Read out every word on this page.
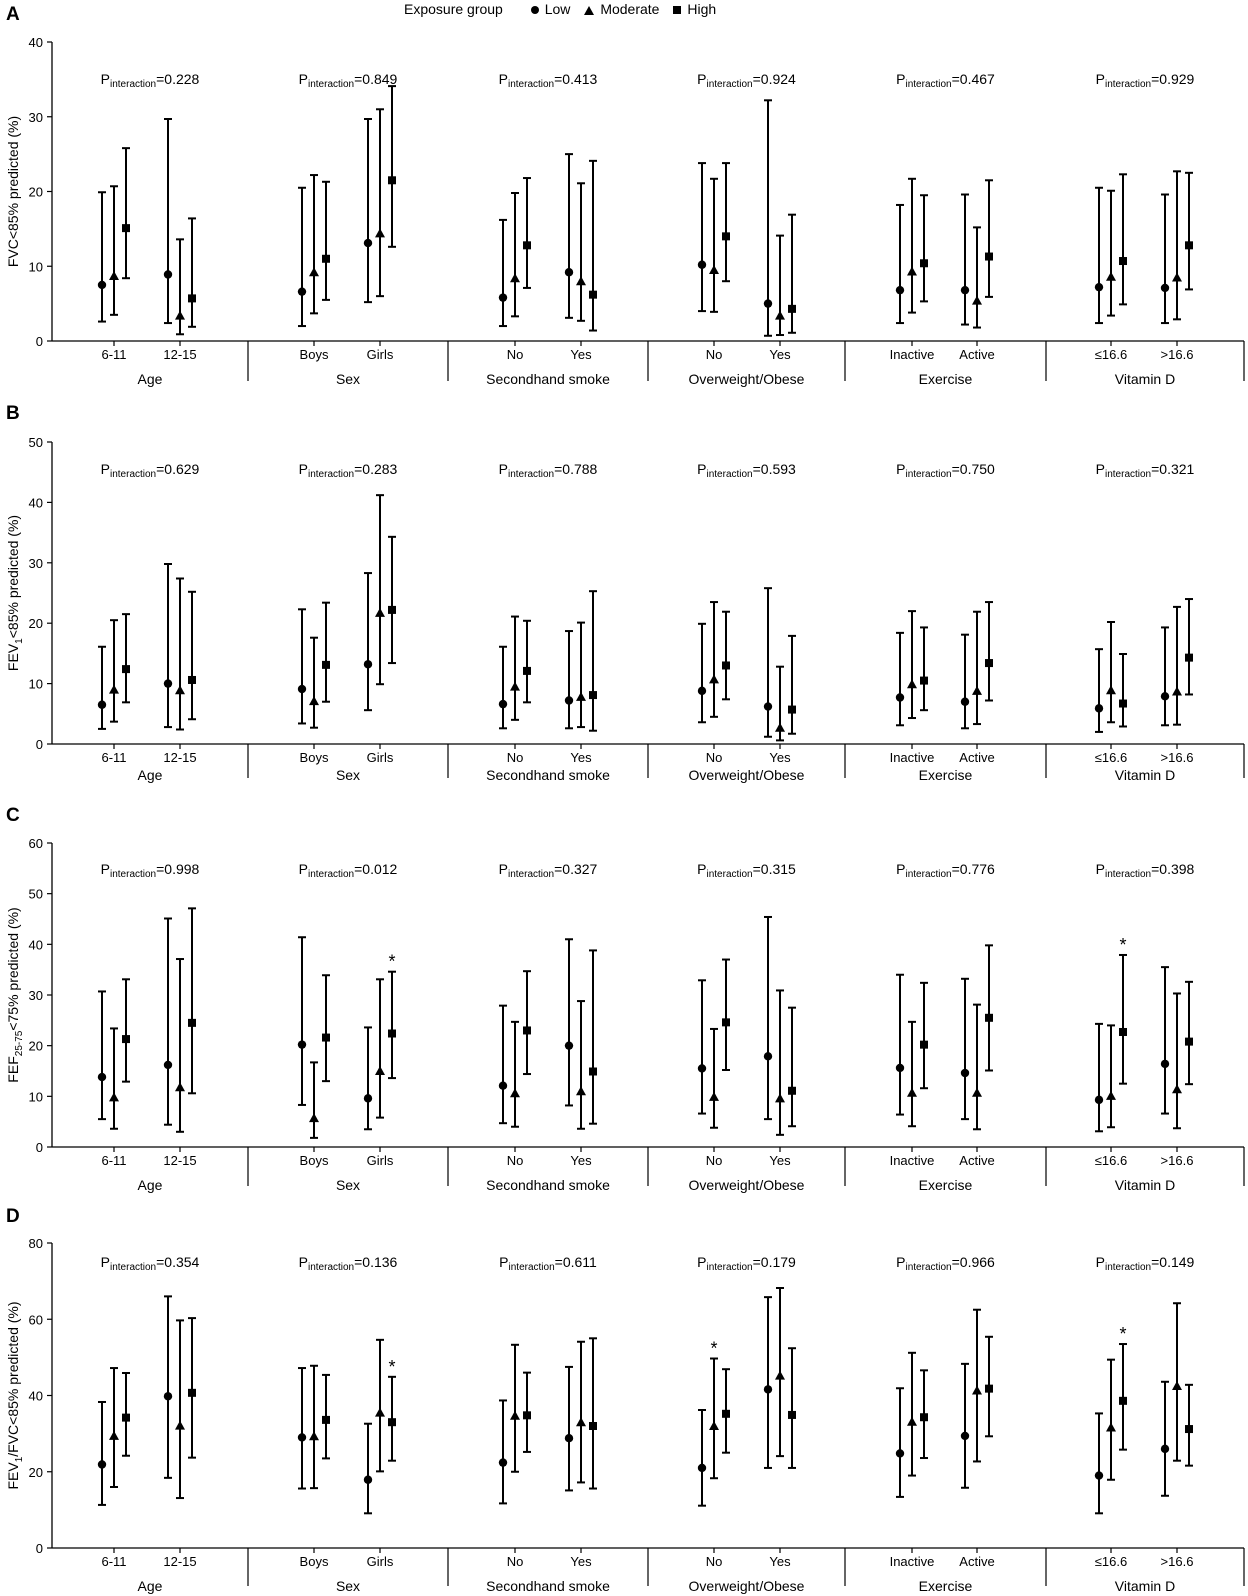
Exposure group	Low Moderate High
A
0
10
20
30
40
FVC<85% predicted (%)
Age
$P_{interaction}=0.228$
6-11	12-15
Sex
$P_{interaction}=0.849$
Boys	Girls
Secondhand smoke
$P_{interaction}=0.413$
No	Yes
Overweight/Obese
$P_{interaction}=0.924$
No	Yes
Exercise
$P_{interaction}=0.467$
Inactive Active
Vitamin D
$P_{interaction}=0.929$
≤16.6	>16.6
B
0
10
20
30
40
50
$FEV_1<85\%$ predicted (%)
Age
$P_{interaction}=0.629$
6-11	12-15
Sex
$P_{interaction}=0.283$
Boys	Girls
Secondhand smoke
$P_{interaction}=0.788$
No	Yes
Overweight/Obese
$P_{interaction}=0.593$
No	Yes
Exercise
$P_{interaction}=0.750$
Inactive Active
Vitamin D
$P_{interaction}=0.321$
≤16.6	>16.6
C
0
10
20
30
40
50
60
$FEF_{25-75}<75\%$ predicted (%)
Age
$P_{interaction}=0.998$
6-11	12-15
Sex
$P_{interaction}=0.012$
Boys	Girls
*
Secondhand smoke
$P_{interaction}=0.327$
No	Yes
Overweight/Obese
$P_{interaction}=0.315$
No	Yes
Exercise
$P_{interaction}=0.776$
Inactive Active
Vitamin D
$P_{interaction}=0.398$
≤16.6
*
>16.6
D
0
20
40
60
80
$FEV_1/FVC<85\%$ predicted (%)
Age
$P_{interaction}=0.354$
6-11	12-15
Sex
$P_{interaction}=0.136$
Boys	Girls
*
Secondhand smoke
$P_{interaction}=0.611$
No	Yes
Overweight/Obese
$P_{interaction}=0.179$
No
*
Yes
Exercise
$P_{interaction}=0.966$
Inactive Active
Vitamin D
$P_{interaction}=0.149$
≤16.6
*
>16.6
